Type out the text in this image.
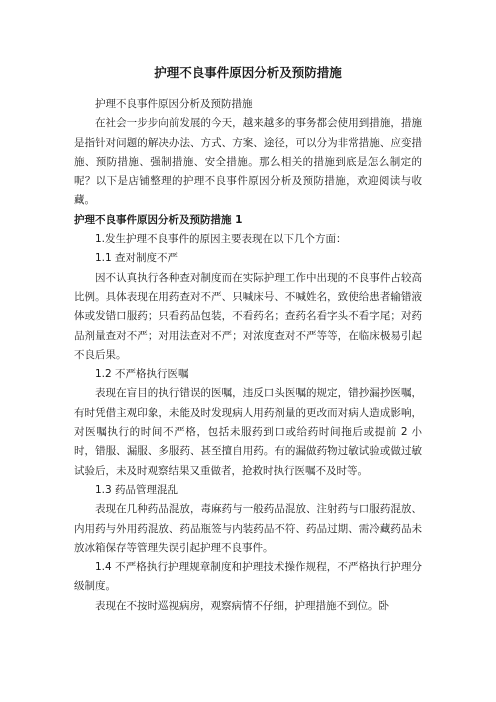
护理不良事件原因分析及预防措施

护理不良事件原因分析及预防措施

在社会一步步向前发展的今天，越来越多的事务都会使用到措施，措施是指针对问题的解决办法、方式、方案、途径，可以分为非常措施、应变措施、预防措施、强制措施、安全措施。那么相关的措施到底是怎么制定的呢？以下是店铺整理的护理不良事件原因分析及预防措施，欢迎阅读与收藏。

护理不良事件原因分析及预防措施 1

1.发生护理不良事件的原因主要表现在以下几个方面：

1.1 查对制度不严

因不认真执行各种查对制度而在实际护理工作中出现的不良事件占较高比例。具体表现在用药查对不严、只喊床号、不喊姓名，致使给患者输错液体或发错口服药；只看药品包装，不看药名；查药名看字头不看字尾；对药品剂量查对不严；对用法查对不严；对浓度查对不严等等，在临床极易引起不良后果。

1.2 不严格执行医嘱

表现在盲目的执行错误的医嘱，违反口头医嘱的规定，错抄漏抄医嘱，有时凭借主观印象，未能及时发现病人用药剂量的更改而对病人造成影响，对医嘱执行的时间不严格，包括未服药到口或给药时间拖后或提前 2 小时，错服、漏服、多服药、甚至擅自用药。有的漏做药物过敏试验或做过敏试验后，未及时观察结果又重做者，抢救时执行医嘱不及时等。

1.3 药品管理混乱

表现在几种药品混放，毒麻药与一般药品混放、注射药与口服药混放、内用药与外用药混放、药品瓶签与内装药品不符、药品过期、需冷藏药品未放冰箱保存等管理失误引起护理不良事件。

1.4 不严格执行护理规章制度和护理技术操作规程，不严格执行护理分级制度。

表现在不按时巡视病房，观察病情不仔细，护理措施不到位。卧
